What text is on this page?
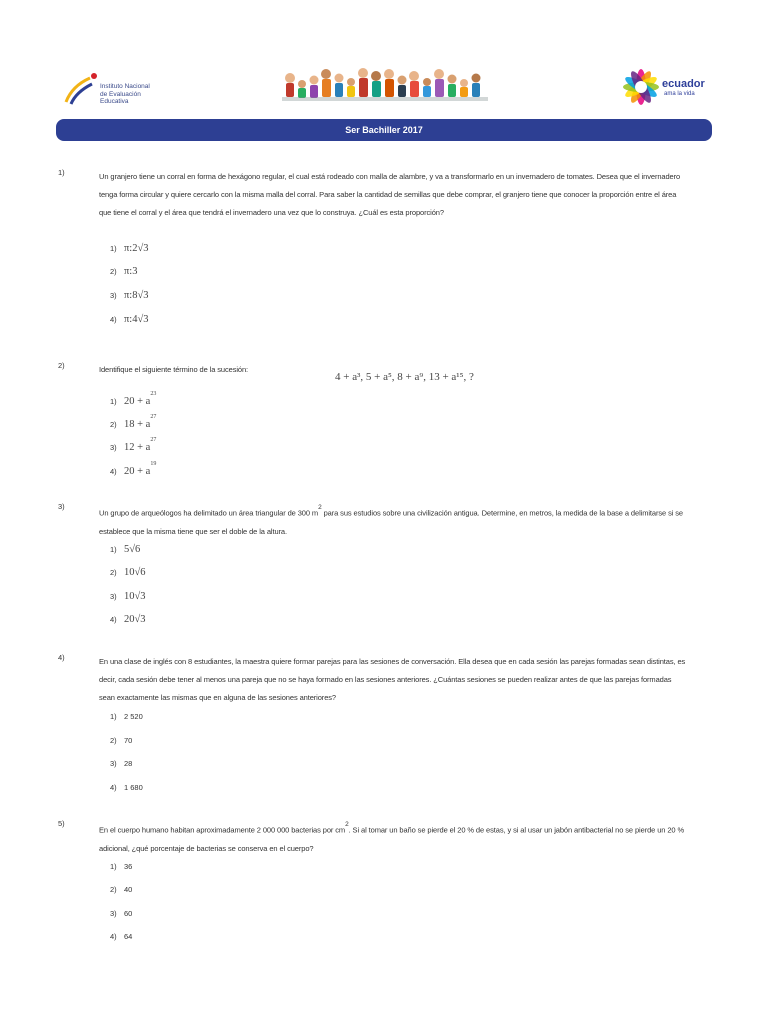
Instituto Nacional
de Evaluación
Educativa
ecuador
ama la vida
Ser Bachiller 2017
1)	Un granjero tiene un corral en forma de hexágono regular, el cual está rodeado con malla de alambre, y va a transformarlo en un invernadero de tomates. Desea que el invernadero tenga forma circular y quiere cercarlo con la misma malla del corral. Para saber la cantidad de semillas que debe comprar, el granjero tiene que conocer la proporción entre el área que tiene el corral y el área que tendrá el invernadero una vez que lo construya. ¿Cuál es esta proporción?
1) π:2√3
2) π:3
3) π:8√3
4) π:4√3
2)	Identifique el siguiente término de la sucesión:
4 + a³, 5 + a⁵, 8 + a⁹, 13 + a¹⁵, ?
1) $20 + a^{23}$
2) $18 + a^{27}$
3) $12 + a^{27}$
4) $20 + a^{19}$
3)
Un grupo de arqueólogos ha delimitado un área triangular de 300 $m^2$ para sus estudios sobre una civilización antigua. Determine, en metros, la medida de la base a delimitarse si se establece que la misma tiene que ser el doble de la altura.
1) 5√6
2) 10√6
3) 10√3
4) 20√3
4)	En una clase de inglés con 8 estudiantes, la maestra quiere formar parejas para las sesiones de conversación. Ella desea que en cada sesión las parejas formadas sean distintas, es decir, cada sesión debe tener al menos una pareja que no se haya formado en las sesiones anteriores. ¿Cuántas sesiones se pueden realizar antes de que las parejas formadas sean exactamente las mismas que en alguna de las sesiones anteriores?
1) 2 520
2) 70
3) 28
4) 1 680
5)
En el cuerpo humano habitan aproximadamente 2 000 000 bacterias por $cm^2$. Si al tomar un baño se pierde el 20 % de estas, y si al usar un jabón antibacterial no se pierde un 20 % adicional, ¿qué porcentaje de bacterias se conserva en el cuerpo?
1) 36
2) 40
3) 60
4) 64
